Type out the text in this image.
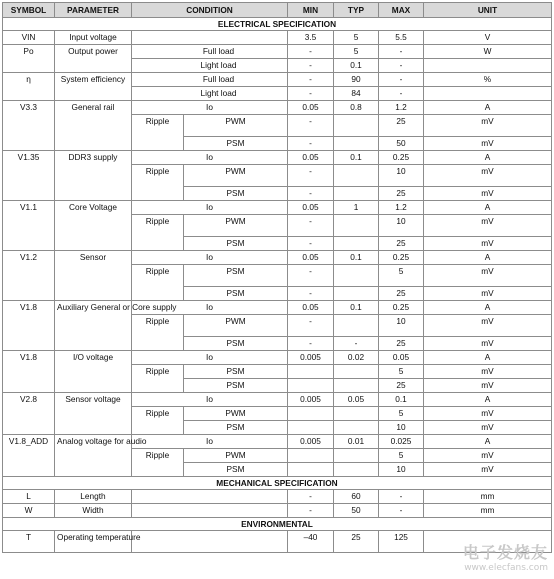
SYMBOL	PARAMETER	CONDITION		MIN	TYP	MAX	UNIT	
ELECTRICAL SPECIFICATION								
VIN	Input voltage			3.5	5	5.5	V	
Po	Output power	Full load		-	5	-	W	
		Light load		-	0.1	-		
η	System efficiency	Full load		-	90	-	%	
		Light load		-	84	-		
V3.3	General rail	Io		0.05	0.8	1.2	A	
		Ripple	PWM	-		25	mV	
			PSM	-		50	mV	
V1.35	DDR3 supply	Io		0.05	0.1	0.25	A	
		Ripple	PWM	-		10	mV	
			PSM	-		25	mV	
V1.1	Core Voltage	Io		0.05	1	1.2	A	
		Ripple	PWM	-		10	mV	
			PSM	-		25	mV	
V1.2	Sensor	Io		0.05	0.1	0.25	A	
		Ripple	PSM	-		5	mV	
			PSM	-		25	mV	
V1.8	Auxiliary General or Core supply	Io		0.05	0.1	0.25	A	
		Ripple	PWM	-		10	mV	
			PSM	-	-	25	mV	
V1.8	I/O voltage	Io		0.005	0.02	0.05	A	
		Ripple	PSM			5	mV	
			PSM			25	mV	
V2.8	Sensor voltage	Io		0.005	0.05	0.1	A	
		Ripple	PWM			5	mV	
			PSM			10	mV	
V1.8_ADD	Analog voltage for audio	Io		0.005	0.01	0.025	A	
		Ripple	PWM			5	mV	
			PSM			10	mV	
MECHANICAL SPECIFICATION								
L	Length			-	60	-	mm	
W	Width			-	50	-	mm	
ENVIRONMENTAL								
T	Operating temperature			–40	25	125		
电子发烧友
www.elecfans.com
